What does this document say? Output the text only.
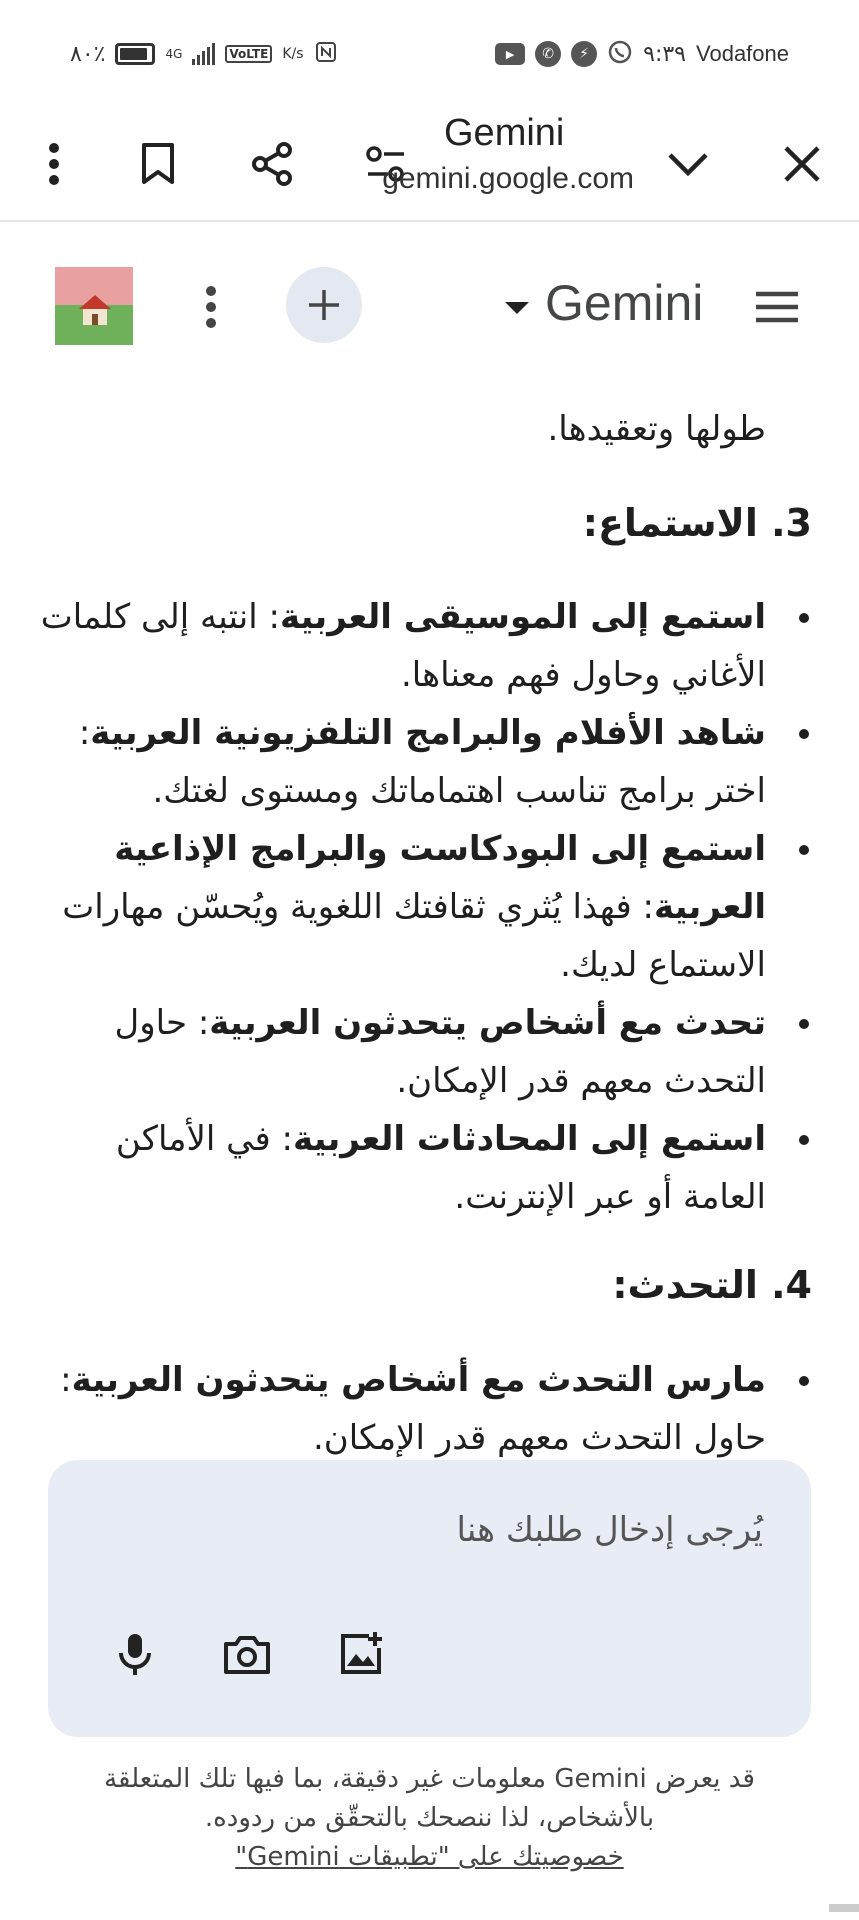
٨٠٪	4G	VoLTE K/s	▶	✆	⚡	٩:٣٩ Vodafone
Gemini
gemini.google.com
Gemini
طولها وتعقيدها.
3. الاستماع:
استمع إلى الموسيقى العربية: انتبه إلى كلمات الأغاني وحاول فهم معناها.
شاهد الأفلام والبرامج التلفزيونية العربية: اختر برامج تناسب اهتماماتك ومستوى لغتك.
استمع إلى البودكاست والبرامج الإذاعية العربية: فهذا يُثري ثقافتك اللغوية ويُحسّن مهارات الاستماع لديك.
تحدث مع أشخاص يتحدثون العربية: حاول التحدث معهم قدر الإمكان.
استمع إلى المحادثات العربية: في الأماكن العامة أو عبر الإنترنت.
4. التحدث:
مارس التحدث مع أشخاص يتحدثون العربية: حاول التحدث معهم قدر الإمكان.
يُرجى إدخال طلبك هنا
قد يعرض Gemini معلومات غير دقيقة، بما فيها تلك المتعلقة بالأشخاص، لذا ننصحك بالتحقّق من ردوده.
خصوصيتك على "تطبيقات Gemini"
